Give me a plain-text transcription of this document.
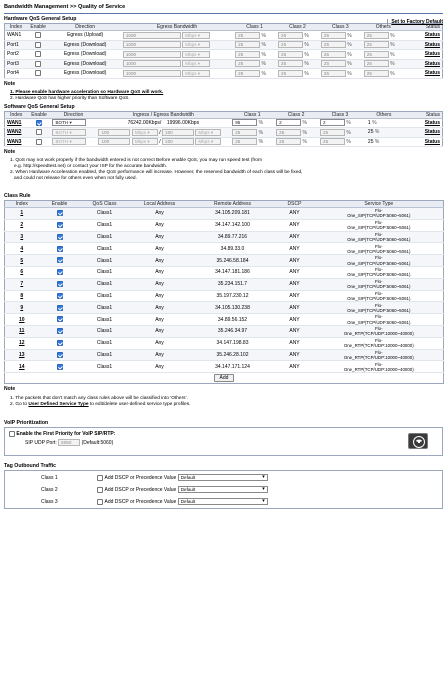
Bandwidth Management >> Quality of Service
Hardware QoS General Setup	Set to Factory Default
Index	Enable	Direction	Egress Bandwidth	Class 1	Class 2	Class 3	Others	Status
WAN1		Egress (Upload)	1000 Mbps ▾	25 %	25 %	25 %	25 %	Status
Port1		Egress (Download)	1000 Mbps ▾	25 %	25 %	25 %	25 %	Status
Port2		Egress (Download)	1000 Mbps ▾	25 %	25 %	25 %	25 %	Status
Port3		Egress (Download)	1000 Mbps ▾	25 %	25 %	25 %	25 %	Status
Port4		Egress (Download)	1000 Mbps ▾	25 %	25 %	25 %	25 %	Status
Note
1. Please enable hardware acceleration so Hardware QoS will work.
2. Hardware QoS has higher priority than Software QoS.
Software QoS General Setup
Index	Enable	Direction	Ingress / Egress Bandwidth	Class 1	Class 2	Class 3	Others	Status
WAN1		BOTH ▾	76242.00Kbps/ 19996.00Kbps	95 %	2 %	2 %	1 %	Status
WAN2		BOTH ▾	100 Mbps ▾ / 100 Mbps ▾	25 %	25 %	25 %	25 %	Status
WAN3		BOTH ▾	100 Mbps ▾ / 100 Mbps ▾	25 %	25 %	25 %	25 %	Status
Note
1. QoS may not work properly if the bandwidth entered is not correct Before enable QoS, you may run speed test (from
e.g. http://speedtest.net) or contact your ISP for the accurate bandwidth.
2. When Hardware Acceleration enabled, the QoS performance will increase. However, the reserved bandwidth of each class will be fixed,
and could not release for others even when not fully used.
Class Rule
Index	Enable	QoS Class	Local Address	Remote Address	DSCP	Service Type
1		Class1	Any	34.105.209.181	ANY	Flo-
One_SIP(TCP/UDP:5060~5061)

2		Class1	Any	34.147.142.100	ANY	Flo-
One_SIP(TCP/UDP:5060~5061)

3		Class1	Any	34.89.77.216	ANY	Flo-
One_SIP(TCP/UDP:5060~5061)

4		Class1	Any	34.89.33.0	ANY	Flo-
One_SIP(TCP/UDP:5060~5061)

5		Class1	Any	35.246.58.184	ANY	Flo-
One_SIP(TCP/UDP:5060~5061)

6		Class1	Any	34.147.181.186	ANY	Flo-
One_SIP(TCP/UDP:5060~5061)

7		Class1	Any	35.234.151.7	ANY	Flo-
One_SIP(TCP/UDP:5060~5061)

8		Class1	Any	35.197.230.12	ANY	Flo-
One_SIP(TCP/UDP:5060~5061)

9		Class1	Any	34.105.130.238	ANY	Flo-
One_SIP(TCP/UDP:5060~5061)

10		Class1	Any	34.89.56.152	ANY	Flo-
One_SIP(TCP/UDP:5060~5061)

11		Class1	Any	35.246.34.97	ANY	Flo-
One_RTP(TCP/UDP:10000~40000)

12		Class1	Any	34.147.198.83	ANY	Flo-
One_RTP(TCP/UDP:10000~40000)

13		Class1	Any	35.246.28.102	ANY	Flo-
One_RTP(TCP/UDP:10000~40000)

14		Class1	Any	34.147.171.124	ANY	Flo-
One_RTP(TCP/UDP:10000~40000)

Add						
Note
1. The packets that don't match any class rules above will be classified into 'Others'.
2. Go to User Defined Service Type to edit/delete user-defined service type profiles.
VoIP Prioritization
Enable the First Priority for VoIP SIP/RTP:
SIP UDP Port: 5060 (Default:5060)
Tag Outbound Traffic
Class 1	Add DSCP or Precedence Value Default ▾
Class 2	Add DSCP or Precedence Value Default ▾
Class 3	Add DSCP or Precedence Value Default ▾
